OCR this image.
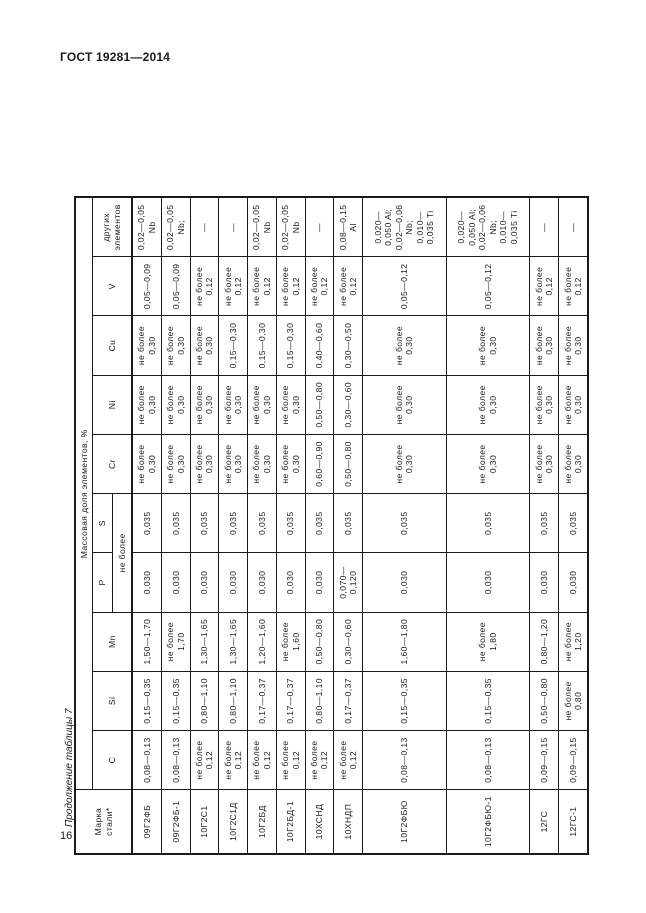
ГОСТ 19281—2014
16
Продолжение таблицы 7 Марка
стали*	Массовая доля элементов, %									
	C	Si	Mn	P	S	Cr	Ni	Cu	V	других элементов
				не более						
09Г2ФБ	0,08—0,13	0,15—0,35	1,50—1,70	0,030	0,035	не более
0,30	не более
0,30	не более
0,30	0,05—0,09	0,02—0,05 Nb
09Г2ФБ-1	0,08—0,13	0,15—0,35	не более
1,70	0,030	0,035	не более
0,30	не более
0,30	не более
0,30	0,05—0,09	0,02—0,05 Nb;
10Г2С1	не более
0,12	0,80—1,10	1,30—1,65	0,030	0,035	не более
0,30	не более
0,30	не более
0,30	не более
0,12	—
10Г2С1Д	не более
0,12	0,80—1,10	1,30—1,65	0,030	0,035	не более
0,30	не более
0,30	0,15—0,30	не более
0,12	—
10Г2БД	не более
0,12	0,17—0,37	1,20—1,60	0,030	0,035	не более
0,30	не более
0,30	0,15—0,30	не более
0,12	0,02—0,05 Nb
10Г2БД-1	не более
0,12	0,17—0,37	не более
1,60	0,030	0,035	не более
0,30	не более
0,30	0,15—0,30	не более
0,12	0,02—0,05 Nb
10ХСНД	не более
0,12	0,80—1,10	0,50—0,80	0,030	0,035	0,60—0,90	0,50—0,80	0,40—0,60	не более
0,12	—
10ХНДП	не более
0,12	0,17—0,37	0,30—0,60	0,070—
0,120	0,035	0,50—0,80	0,30—0,60	0,30—0,50	не более
0,12	0,08—0,15 Al
10Г2ФБЮ	0,08—0,13	0,15—0,35	1,60—1,80	0,030	0,035	не более
0,30	не более
0,30	не более
0,30	0,05—0,12	0,020—0,050 Al;
0,02—0,06 Nb;
0,010—0,035 Ti
10Г2ФБЮ-1	0,08—0,13	0,15—0,35	не более
1,80	0,030	0,035	не более
0,30	не более
0,30	не более
0,30	0,05—0,12	0,020—0,050 Al;
0,02—0,06 Nb;
0,010—0,035 Ti
12ГС	0,09—0,15	0,50—0,80	0,80—1,20	0,030	0,035	не более
0,30	не более
0,30	не более
0,30	не более
0,12	—
12ГС-1	0,09—0,15	не более
0,80	не более
1,20	0,030	0,035	не более
0,30	не более
0,30	не более
0,30	не более
0,12	—
